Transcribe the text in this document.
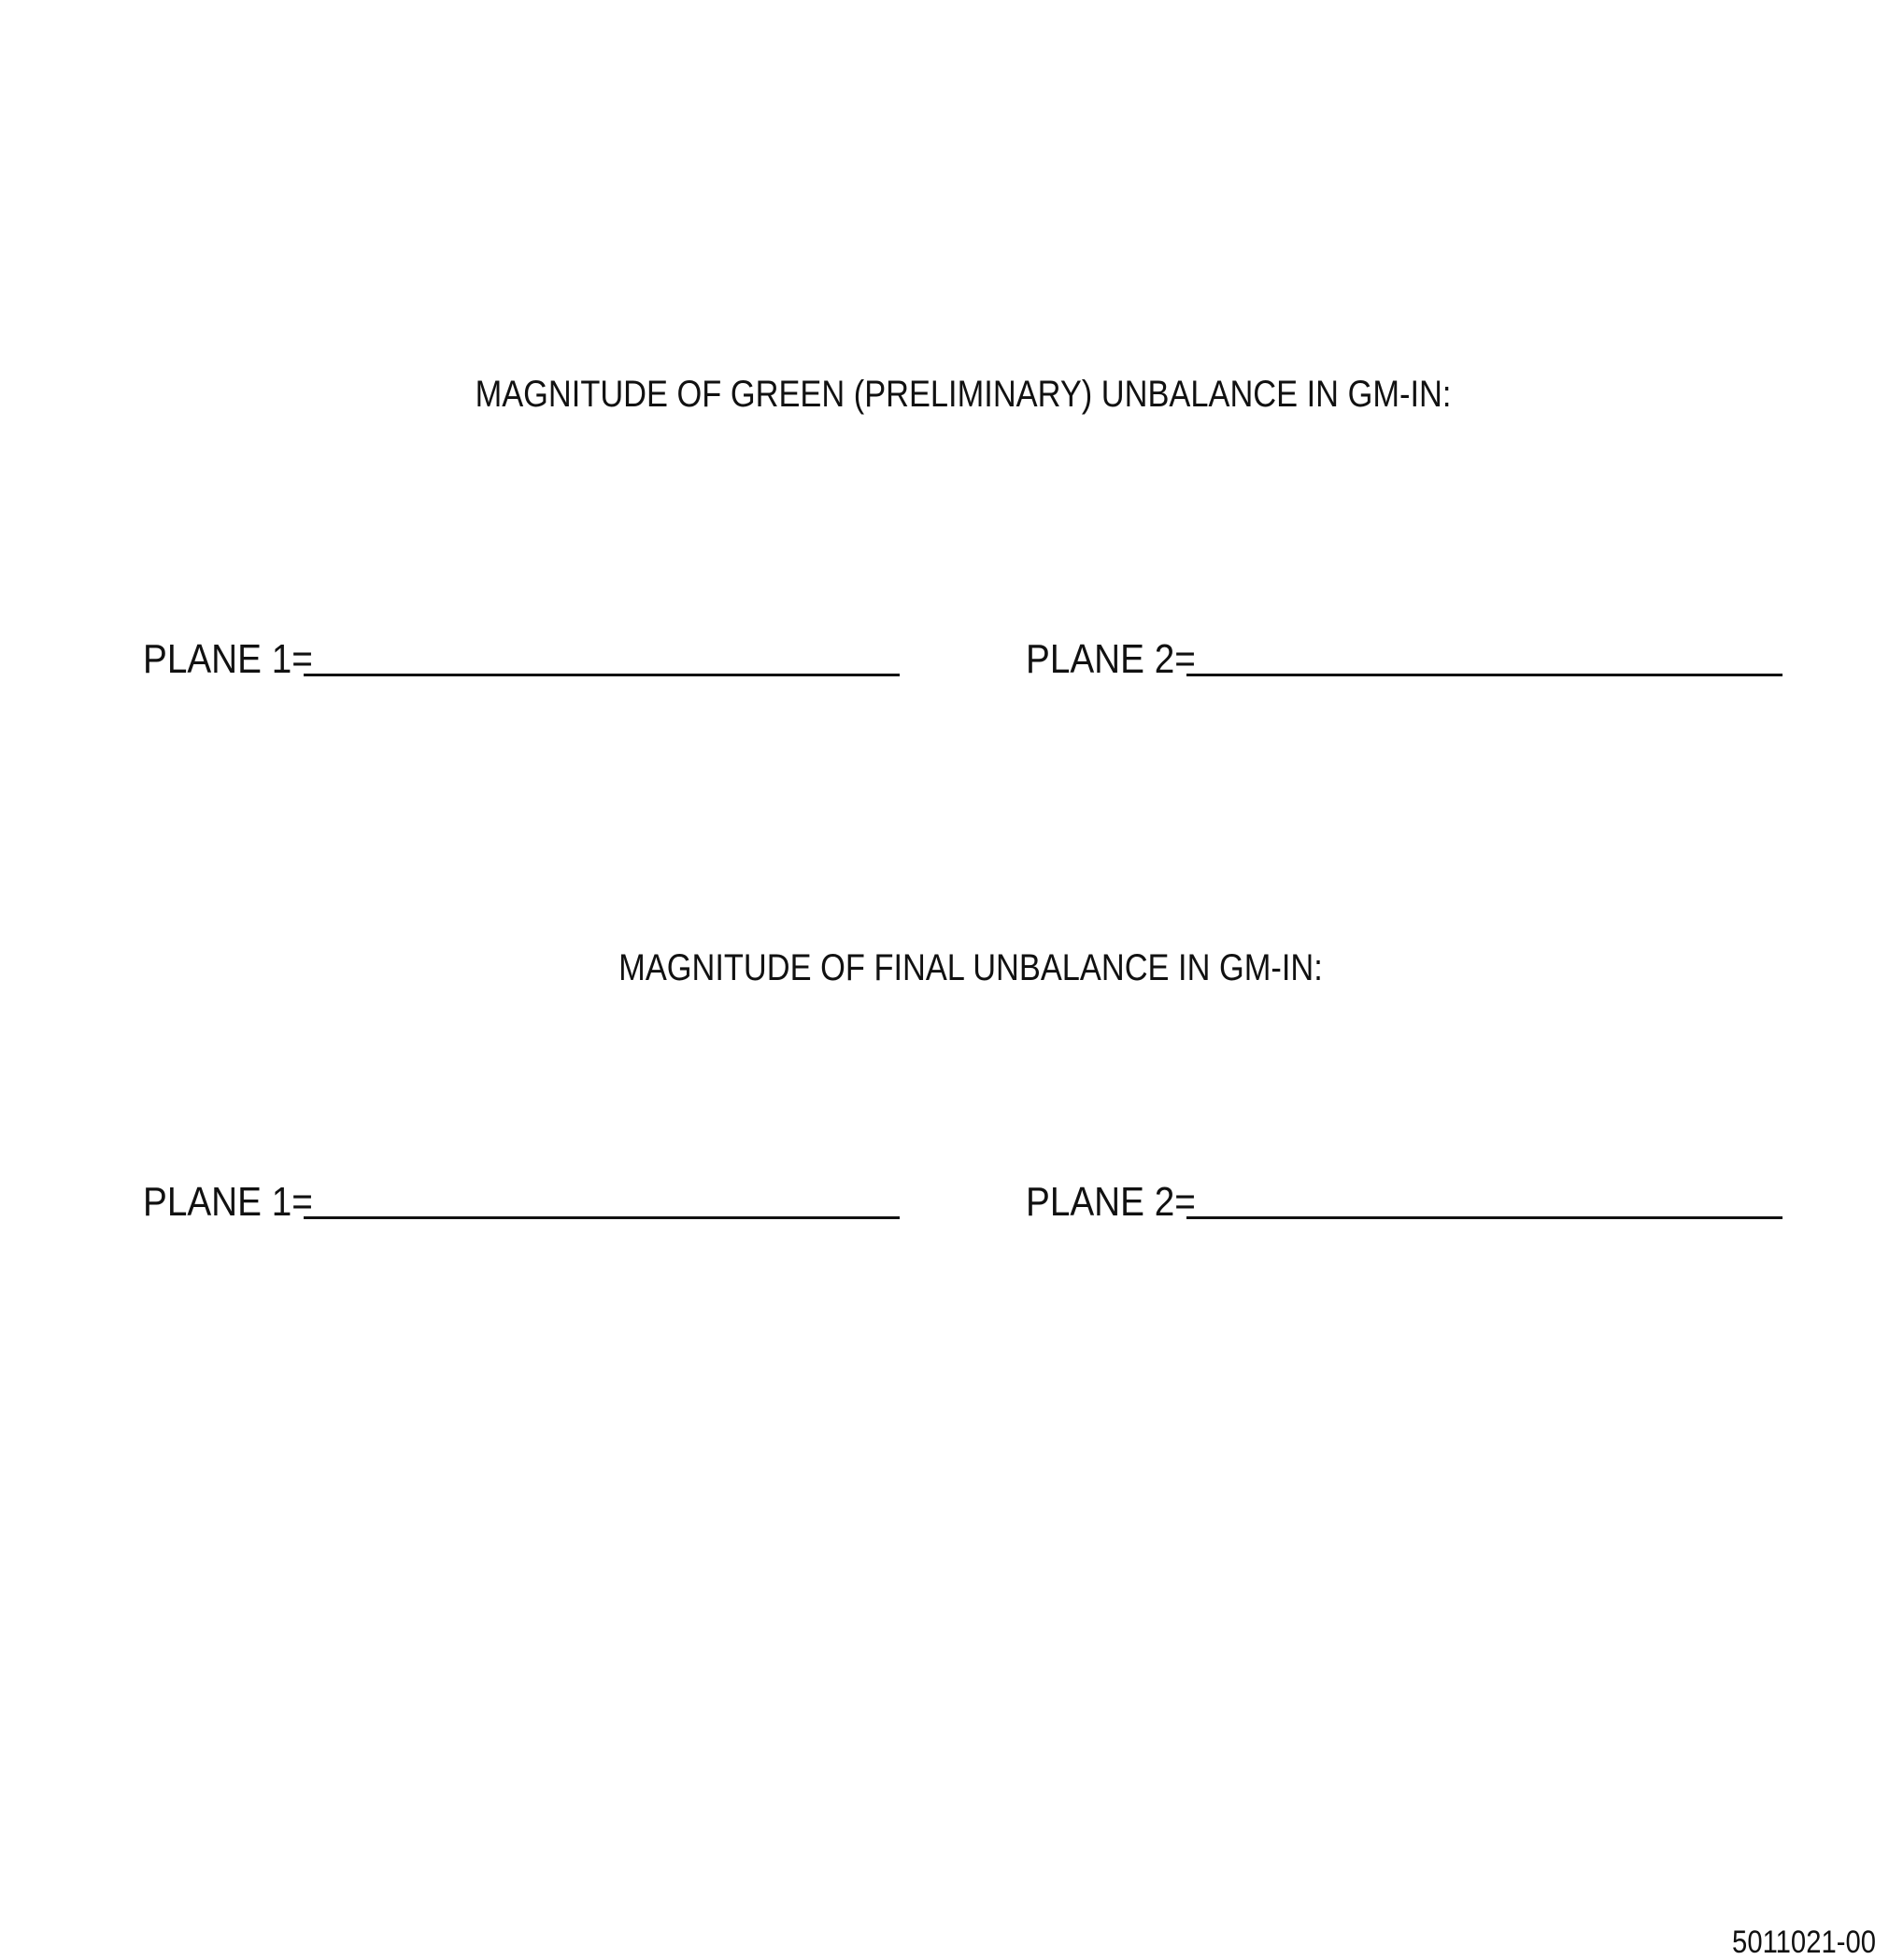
MAGNITUDE OF GREEN (PRELIMINARY) UNBALANCE IN GM-IN:
PLANE 1=	PLANE 2=
MAGNITUDE OF FINAL UNBALANCE IN GM-IN:
PLANE 1=	PLANE 2=
5011021-00
